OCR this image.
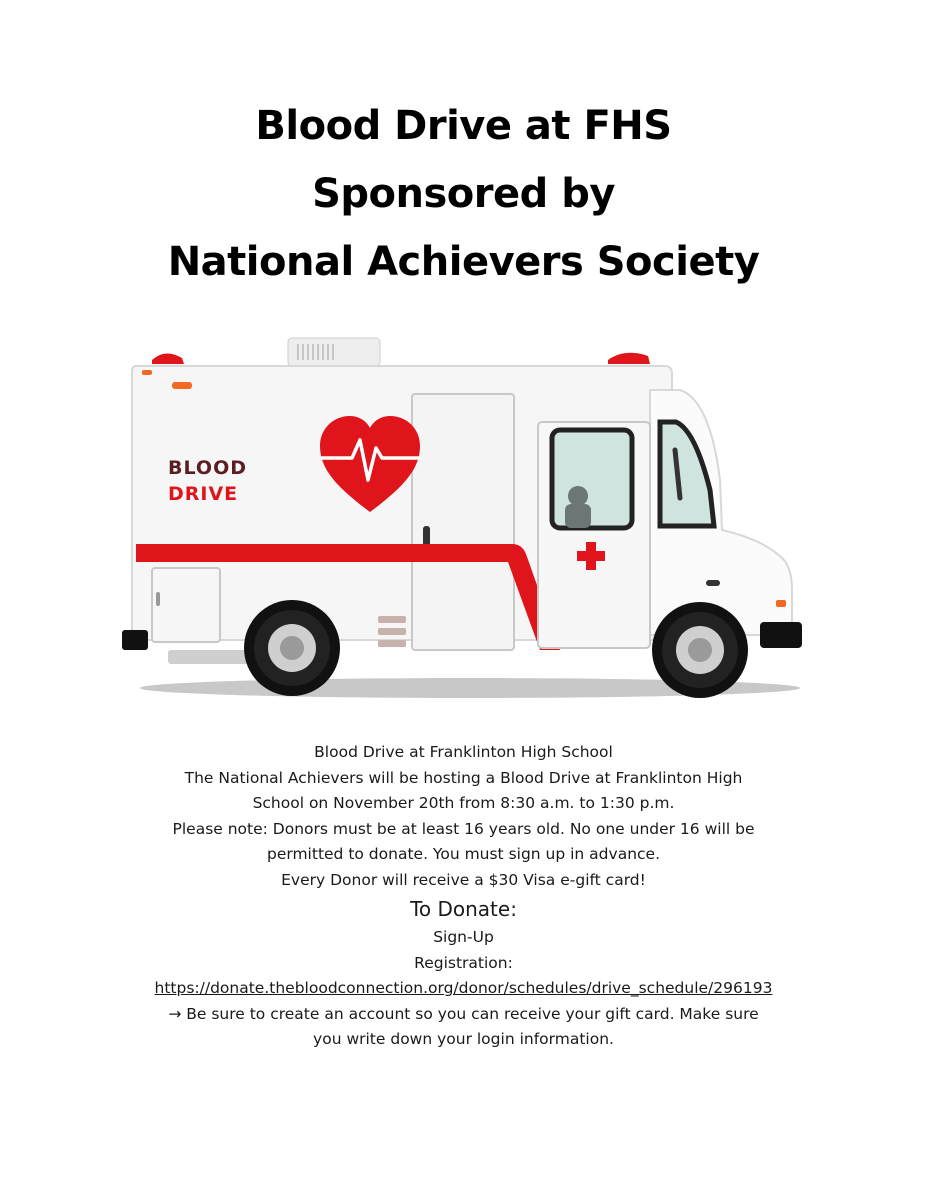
Blood Drive at FHS
Sponsored by
National Achievers Society
BLOOD
DRIVE
Blood Drive at Franklinton High School
The National Achievers will be hosting a Blood Drive at Franklinton High
School on November 20th from 8:30 a.m. to 1:30 p.m.
Please note: Donors must be at least 16 years old. No one under 16 will be
permitted to donate. You must sign up in advance.
Every Donor will receive a $30 Visa e-gift card!
To Donate:
Sign-Up
Registration:
https://donate.thebloodconnection.org/donor/schedules/drive_schedule/296193
→ Be sure to create an account so you can receive your gift card. Make sure
you write down your login information.
